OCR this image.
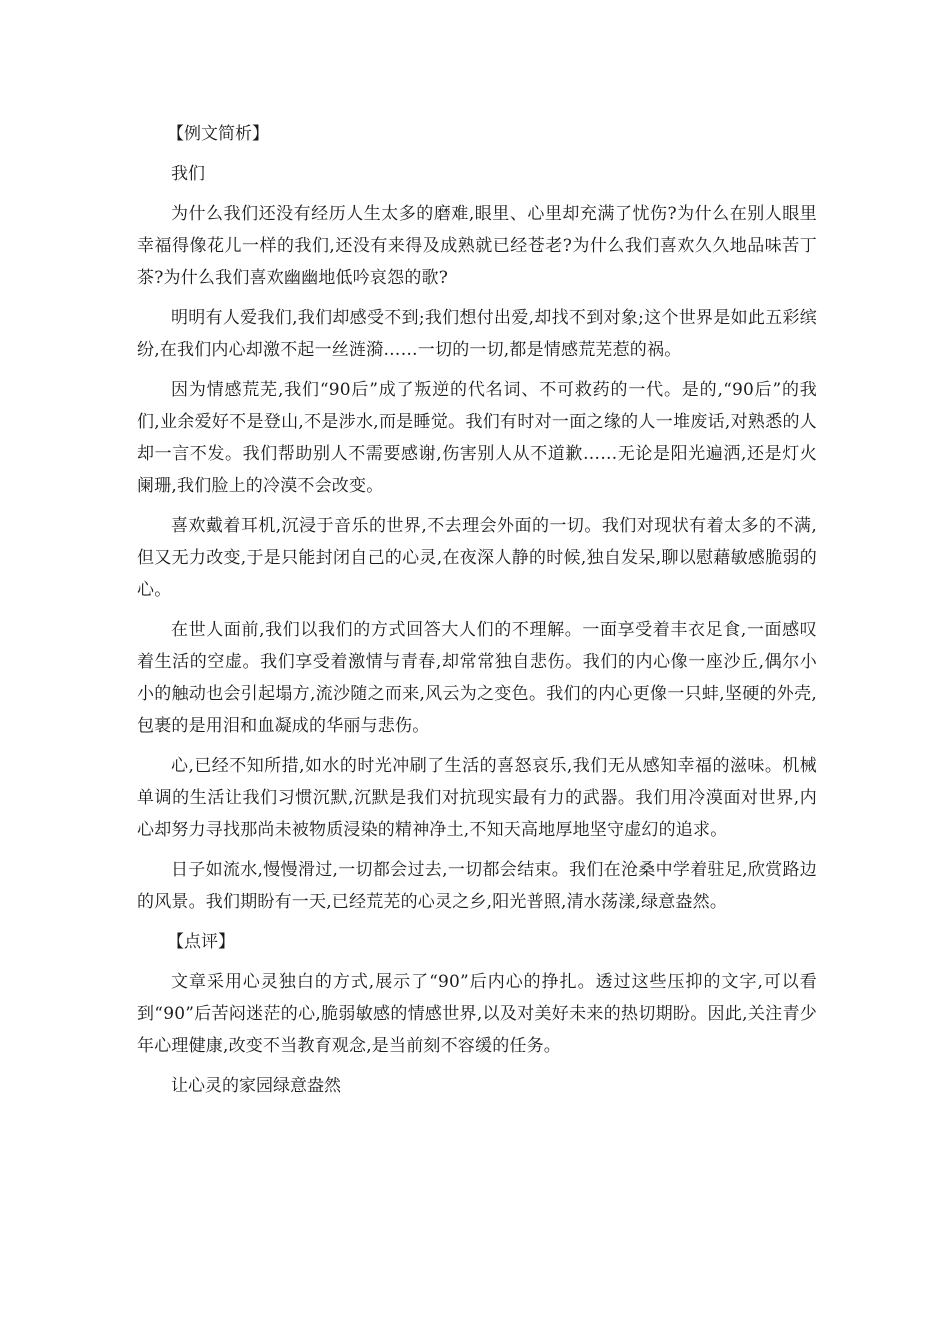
【例文简析】

我们

为什么我们还没有经历人生太多的磨难,眼里、心里却充满了忧伤?为什么在别人眼里幸福得像花儿一样的我们,还没有来得及成熟就已经苍老?为什么我们喜欢久久地品味苦丁茶?为什么我们喜欢幽幽地低吟哀怨的歌?

明明有人爱我们,我们却感受不到;我们想付出爱,却找不到对象;这个世界是如此五彩缤纷,在我们内心却激不起一丝涟漪……一切的一切,都是情感荒芜惹的祸。

因为情感荒芜,我们“90后”成了叛逆的代名词、不可救药的一代。是的,“90后”的我们,业余爱好不是登山,不是涉水,而是睡觉。我们有时对一面之缘的人一堆废话,对熟悉的人却一言不发。我们帮助别人不需要感谢,伤害别人从不道歉……无论是阳光遍洒,还是灯火阑珊,我们脸上的冷漠不会改变。

喜欢戴着耳机,沉浸于音乐的世界,不去理会外面的一切。我们对现状有着太多的不满,但又无力改变,于是只能封闭自己的心灵,在夜深人静的时候,独自发呆,聊以慰藉敏感脆弱的心。

在世人面前,我们以我们的方式回答大人们的不理解。一面享受着丰衣足食,一面感叹着生活的空虚。我们享受着激情与青春,却常常独自悲伤。我们的内心像一座沙丘,偶尔小小的触动也会引起塌方,流沙随之而来,风云为之变色。我们的内心更像一只蚌,坚硬的外壳,包裹的是用泪和血凝成的华丽与悲伤。

心,已经不知所措,如水的时光冲刷了生活的喜怒哀乐,我们无从感知幸福的滋味。机械单调的生活让我们习惯沉默,沉默是我们对抗现实最有力的武器。我们用冷漠面对世界,内心却努力寻找那尚未被物质浸染的精神净土,不知天高地厚地坚守虚幻的追求。

日子如流水,慢慢滑过,一切都会过去,一切都会结束。我们在沧桑中学着驻足,欣赏路边的风景。我们期盼有一天,已经荒芜的心灵之乡,阳光普照,清水荡漾,绿意盎然。

【点评】

文章采用心灵独白的方式,展示了“90”后内心的挣扎。透过这些压抑的文字,可以看到“90”后苦闷迷茫的心,脆弱敏感的情感世界,以及对美好未来的热切期盼。因此,关注青少年心理健康,改变不当教育观念,是当前刻不容缓的任务。

让心灵的家园绿意盎然
